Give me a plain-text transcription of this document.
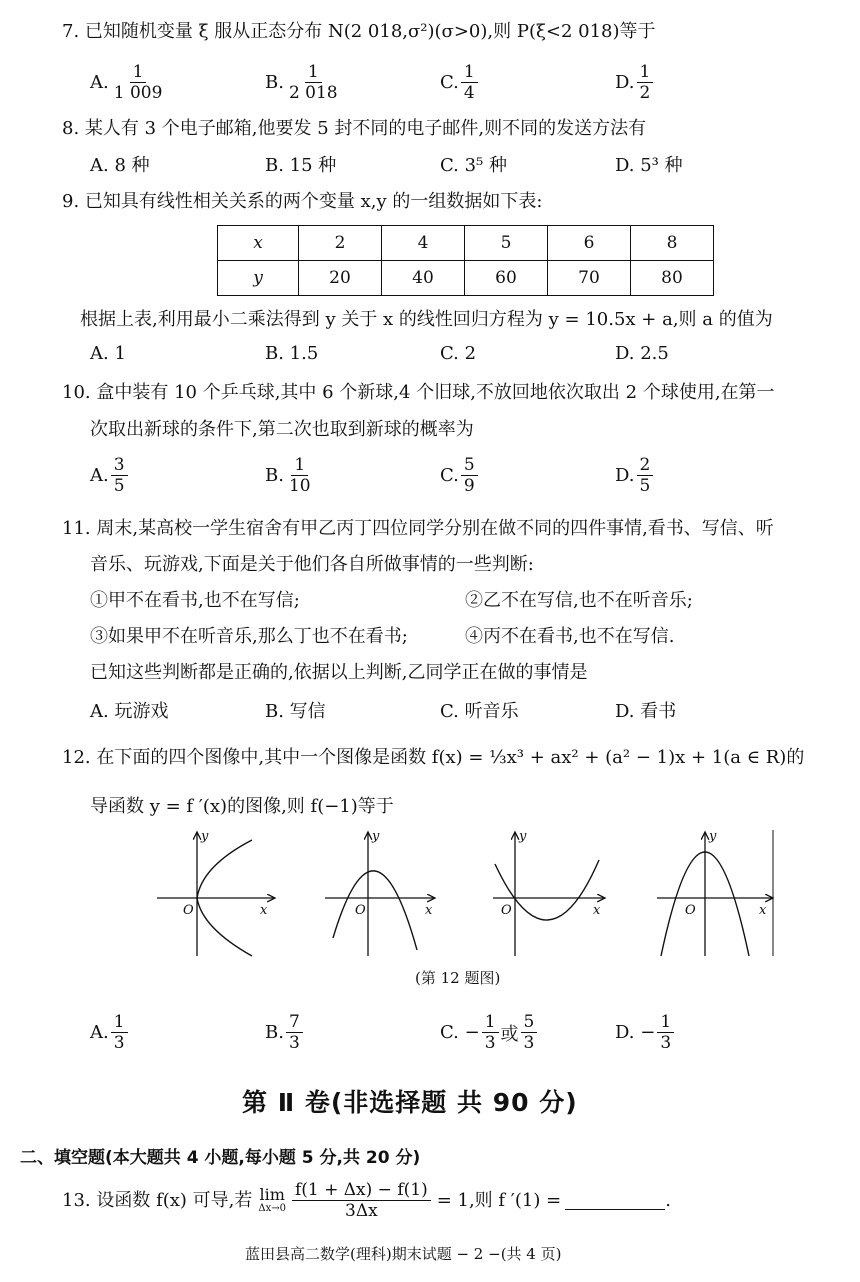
7. 已知随机变量 ξ 服从正态分布 N(2 018,σ²)(σ>0),则 P(ξ<2 018)等于
A. $\frac{1}{1 009}$	B. $\frac{1}{2 018}$	C. $\frac{1}{4}$	D. $\frac{1}{2}$
8. 某人有 3 个电子邮箱,他要发 5 封不同的电子邮件,则不同的发送方法有
A. 8 种	B. 15 种	C. 3⁵ 种	D. 5³ 种
9. 已知具有线性相关关系的两个变量 x,y 的一组数据如下表:
x	2	4	5	6	8
y	20	40	60	70	80
根据上表,利用最小二乘法得到 y 关于 x 的线性回归方程为 y = 10.5x + a,则 a 的值为
A. 1	B. 1.5	C. 2	D. 2.5
10. 盒中装有 10 个乒乓球,其中 6 个新球,4 个旧球,不放回地依次取出 2 个球使用,在第一
次取出新球的条件下,第二次也取到新球的概率为
A. $\frac{3}{5}$	B. $\frac{1}{10}$	C. $\frac{5}{9}$	D. $\frac{2}{5}$
11. 周末,某高校一学生宿舍有甲乙丙丁四位同学分别在做不同的四件事情,看书、写信、听
音乐、玩游戏,下面是关于他们各自所做事情的一些判断:
①甲不在看书,也不在写信;	②乙不在写信,也不在听音乐;
③如果甲不在听音乐,那么丁也不在看书;	④丙不在看书,也不在写信.
已知这些判断都是正确的,依据以上判断,乙同学正在做的事情是
A. 玩游戏	B. 写信	C. 听音乐	D. 看书
12. 在下面的四个图像中,其中一个图像是函数 f(x) = ⅓x³ + ax² + (a² − 1)x + 1(a ∈ R)的
导函数 y = f ′(x)的图像,则 f(−1)等于
y
x
O
y
x
O
y
x
O
y
x
O
(第 12 题图)
A. $\frac{1}{3}$	B. $\frac{7}{3}$	C.
− $\frac{1}{3}$ 或 $\frac{5}{3}$	D.
− $\frac{1}{3}$
第 Ⅱ 卷(非选择题 共 90 分)
二、填空题(本大题共 4 小题,每小题 5 分,共 20 分)
13. 设函数 f(x) 可导,若 lim
$\Delta x\to 0 \frac{f(1 + \Delta x) - f(1)}{3\Delta x} = 1$,则 f ′(1) =	.
蓝田县高二数学(理科)期末试题 − 2 −(共 4 页)
